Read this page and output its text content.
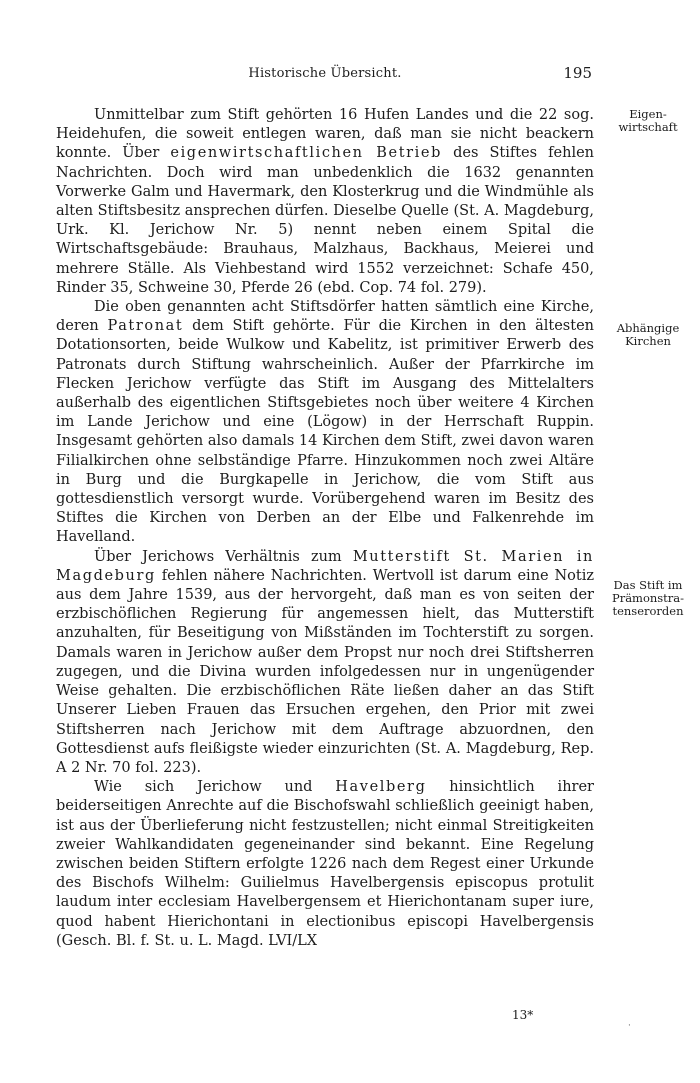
Historische Übersicht.	195

Unmittelbar zum Stift gehörten 16 Hufen Landes und die 22 sog. Heidehufen, die soweit entlegen waren, daß man sie nicht beackern konnte. Über eigenwirtschaftlichen Betrieb des Stiftes fehlen Nachrichten. Doch wird man unbedenklich die 1632 genannten Vorwerke Galm und Havermark, den Klosterkrug und die Windmühle als alten Stiftsbesitz ansprechen dürfen. Dieselbe Quelle (St. A. Magdeburg, Urk. Kl. Jerichow Nr. 5) nennt neben einem Spital die Wirtschaftsgebäude: Brauhaus, Malzhaus, Backhaus, Meierei und mehrere Ställe. Als Viehbestand wird 1552 verzeichnet: Schafe 450, Rinder 35, Schweine 30, Pferde 26 (ebd. Cop. 74 fol. 279).

Die oben genannten acht Stiftsdörfer hatten sämtlich eine Kirche, deren Patronat dem Stift gehörte. Für die Kirchen in den ältesten Dotationsorten, beide Wulkow und Kabelitz, ist primitiver Erwerb des Patronats durch Stiftung wahrscheinlich. Außer der Pfarrkirche im Flecken Jerichow verfügte das Stift im Ausgang des Mittelalters außerhalb des eigentlichen Stiftsgebietes noch über weitere 4 Kirchen im Lande Jerichow und eine (Lögow) in der Herrschaft Ruppin. Insgesamt gehörten also damals 14 Kirchen dem Stift, zwei davon waren Filialkirchen ohne selbständige Pfarre. Hinzukommen noch zwei Altäre in Burg und die Burgkapelle in Jerichow, die vom Stift aus gottesdienstlich versorgt wurde. Vorübergehend waren im Besitz des Stiftes die Kirchen von Derben an der Elbe und Falkenrehde im Havelland.

Über Jerichows Verhältnis zum Mutterstift St. Marien in Magdeburg fehlen nähere Nachrichten. Wertvoll ist darum eine Notiz aus dem Jahre 1539, aus der hervorgeht, daß man es von seiten der erzbischöflichen Regierung für angemessen hielt, das Mutterstift anzuhalten, für Beseitigung von Mißständen im Tochterstift zu sorgen. Damals waren in Jerichow außer dem Propst nur noch drei Stiftsherren zugegen, und die Divina wurden infolgedessen nur in ungenügender Weise gehalten. Die erzbischöflichen Räte ließen daher an das Stift Unserer Lieben Frauen das Ersuchen ergehen, den Prior mit zwei Stiftsherren nach Jerichow mit dem Auftrage abzuordnen, den Gottesdienst aufs fleißigste wieder einzurichten (St. A. Magdeburg, Rep. A 2 Nr. 70 fol. 223).

Wie sich Jerichow und Havelberg hinsichtlich ihrer beiderseitigen Anrechte auf die Bischofswahl schließlich geeinigt haben, ist aus der Überlieferung nicht festzustellen; nicht einmal Streitigkeiten zweier Wahlkandidaten gegeneinander sind bekannt. Eine Regelung zwischen beiden Stiftern erfolgte 1226 nach dem Regest einer Urkunde des Bischofs Wilhelm: Guilielmus Havelbergensis episcopus protulit laudum inter ecclesiam Havelbergensem et Hierichontanam super iure, quod habent Hierichontani in electionibus episcopi Havelbergensis (Gesch. Bl. f. St. u. L. Magd. LVI/LX

Eigen-
wirtschaft
Abhängige
Kirchen
Das Stift im
Prämonstra-
tenserorden
13*
·
